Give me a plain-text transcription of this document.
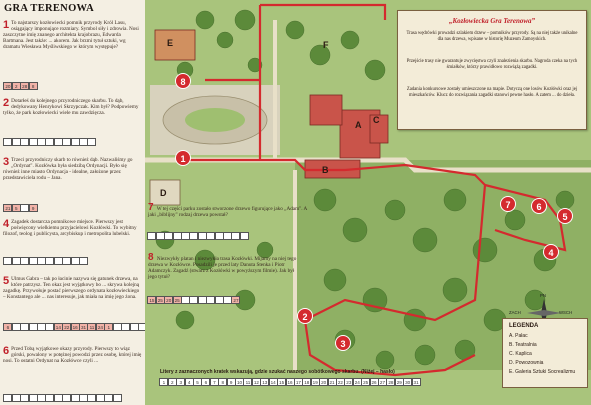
GRA TERENOWA
1 To najstarszy kozłowiecki pomnik przyrody Król Lasu, osiągający imponujące rozmiary. Symbol siły i zdrowia. Nosi zaszczytne imię znanego architekta krajobrazu, Edwarda Bartmana. Jest także: ... akorem. Jak brzmi tytuł sztuki, wg dramatu Wiesława Myśliwskiego w którym występuje?
20 2 28 8
2 Dotarłeś do kolejnego przyrodniczego skarbu. To dąb, dedykowany Henrykowi Skrzypczak. Kim był? Podpowiemy tylko, że park kozłowiecki wiele mu zawdzięcza.
3 Trzeci przyrodniczy skarb to również dąb. Nazwaliśmy go „Ordynat". Kozłówka była siedzibą Ordynacji. Było się również inne miasto Ordynacja - idealne, założone przez przedstawiciela rodu – Jana.
21 5	9
4 Zagadek dostarcza pomnikowe miejsce. Pierwszy jest poświęcony wielkiemu przyjacielowi Kozłówki. To wybitny filozof, teolog i publicysta, arcybiskup i metropolita lubelski.
5 Ulmus Gabra – tak po łacinie nazywa się gatunek drzewa, na które patrzysz. Ten okaz jest wyjątkowy bo ... skrywa kolejną zagadkę. Przywołuje postać pierwszego ordynata kozłowieckiego – Konstantego ale ... nas interesuje, jak miała na imię jego żona.
6	14 22 16 31 11 24 1
6 Przed Tobą wyjątkowe okazy przyrody. Pierwszy to wiąz górski, powalony w potężnej powodzi przez osobę, której imię nosi. To ostatni Ordynat na Kozłówce czyli ...
A
B
C
D
E	F
1
2
3
4
5
6
7
8
7 W tej części parku zostało stworzone drzewo figurujące jako „Adam". A jaki „biblijny" rodzaj drzewa powstał?
8 Niezwykły platan i niezwykła trasa Kozłówki. Mijamy na niej tego drzewa w Kozłówce. Posadzili je przed laty Danuta Stenka i Piotr Adamczyk. Zagadź (stwarz z Kozłówki w powyższym filmie). Jak był jego tytuł?
15 25 20 25	27
„Kozłowiecka Gra Terenowa”
Trasa wędrówki prowadzi szlakiem drzew – pomników przyrody. Są na niej także unikalne dla nas drzewa, wpisane w historię Muzeum Zamoyskich.
Przejście trasy nie gwarantuje zwycięstwa czyli znalezienia skarbu. Nagroda czeka na tych śmiałków, którzy prawidłowo rozwiążą zagadki.
Zadania konkursowe zostały umieszczone na mapie. Dotyczą one losów Kozłówki oraz jej mieszkańców. Klucz do rozwiązania zagadki stanowi pewne hasło. A zatem ... do dzieła.
PN
WSCH
ZACH
LEGENDA
A. Pałac
B. Teatralnia
C. Kaplica
D. Powozownia
E. Galeria Sztuki Socrealizmu
Litery z zaznaczonych kratek wskazują, gdzie szukać naszego sobótkowego skarbu. (Niżej – hasło)
1	2	3	4	5	6	7	8	9 10 11 12 13 14 15 16 17 18 19 20 21 22 23 24 25 26 27 28 29 30 31
